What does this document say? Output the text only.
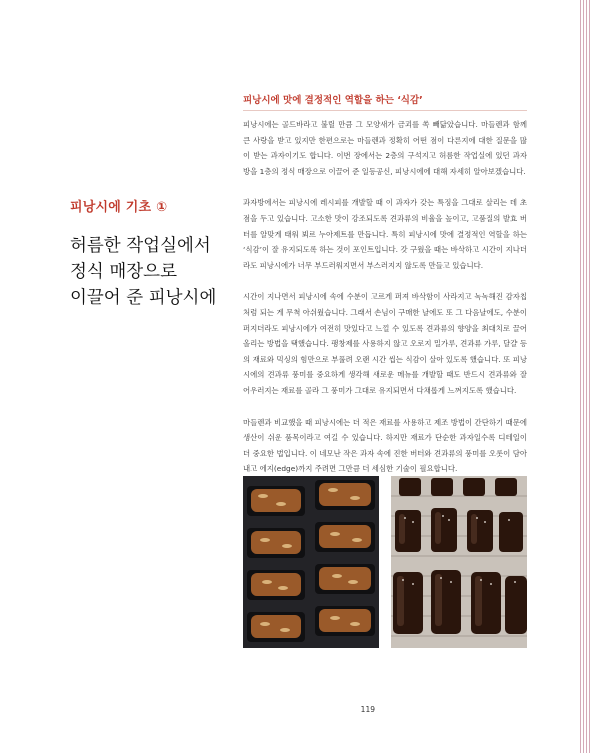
피낭시에 기초 ①
허름한 작업실에서
정식 매장으로
이끌어 준 피낭시에
피낭시에 맛에 결정적인 역할을 하는 ‘식감’

피낭시에는 골드바라고 불릴 만큼 그 모양새가 금괴를 쏙 빼닮았습니다. 마들렌과 함께 큰 사랑을 받고 있지만 한편으로는 마들렌과 정확히 어떤 점이 다른지에 대한 질문을 많이 받는 과자이기도 합니다. 이번 장에서는 2층의 구석지고 허름한 작업실에 있던 과자 방을 1층의 정식 매장으로 이끌어 준 일등공신, 피낭시에에 대해 자세히 알아보겠습니다.

과자방에서는 피낭시에 레시피를 개발할 때 이 과자가 갖는 특징을 그대로 살리는 데 초점을 두고 있습니다. 고소한 맛이 강조되도록 견과류의 비율을 높이고, 고품질의 발효 버터를 알맞게 태워 뵈르 누아제트를 만듭니다. 특히 피낭시에 맛에 결정적인 역할을 하는 ‘식감’이 잘 유지되도록 하는 것이 포인트입니다. 갓 구웠을 때는 바삭하고 시간이 지나더라도 피낭시에가 너무 부드러워지면서 부스러지지 않도록 만들고 있습니다.

시간이 지나면서 피낭시에 속에 수분이 고르게 퍼져 바삭함이 사라지고 녹녹해진 감자칩처럼 되는 게 무척 아쉬웠습니다. 그래서 손님이 구매한 날에도 또 그 다음날에도, 수분이 퍼지더라도 피낭시에가 여전히 맛있다고 느낄 수 있도록 견과류의 향양을 최대치로 끌어올리는 방법을 택했습니다. 팽창제를 사용하지 않고 오로지 밀가루, 견과류 가루, 달걀 등의 재료와 믹싱의 힘만으로 부풀려 오랜 시간 씹는 식감이 살아 있도록 했습니다. 또 피낭시에의 견과류 풍미를 중요하게 생각해 새로운 메뉴를 개발할 때도 반드시 견과류와 잘 어우러지는 재료를 골라 그 풍미가 그대로 유지되면서 다채롭게 느껴지도록 했습니다.

마들렌과 비교했을 때 피낭시에는 더 적은 재료를 사용하고 제조 방법이 간단하기 때문에 생산이 쉬운 품목이라고 여길 수 있습니다. 하지만 재료가 단순한 과자일수록 디테일이 더 중요한 법입니다. 이 네모난 작은 과자 속에 진한 버터와 견과류의 풍미를 오롯이 담아내고 에지(edge)까지 주려면 그만큼 더 세심한 기술이 필요합니다.

119
